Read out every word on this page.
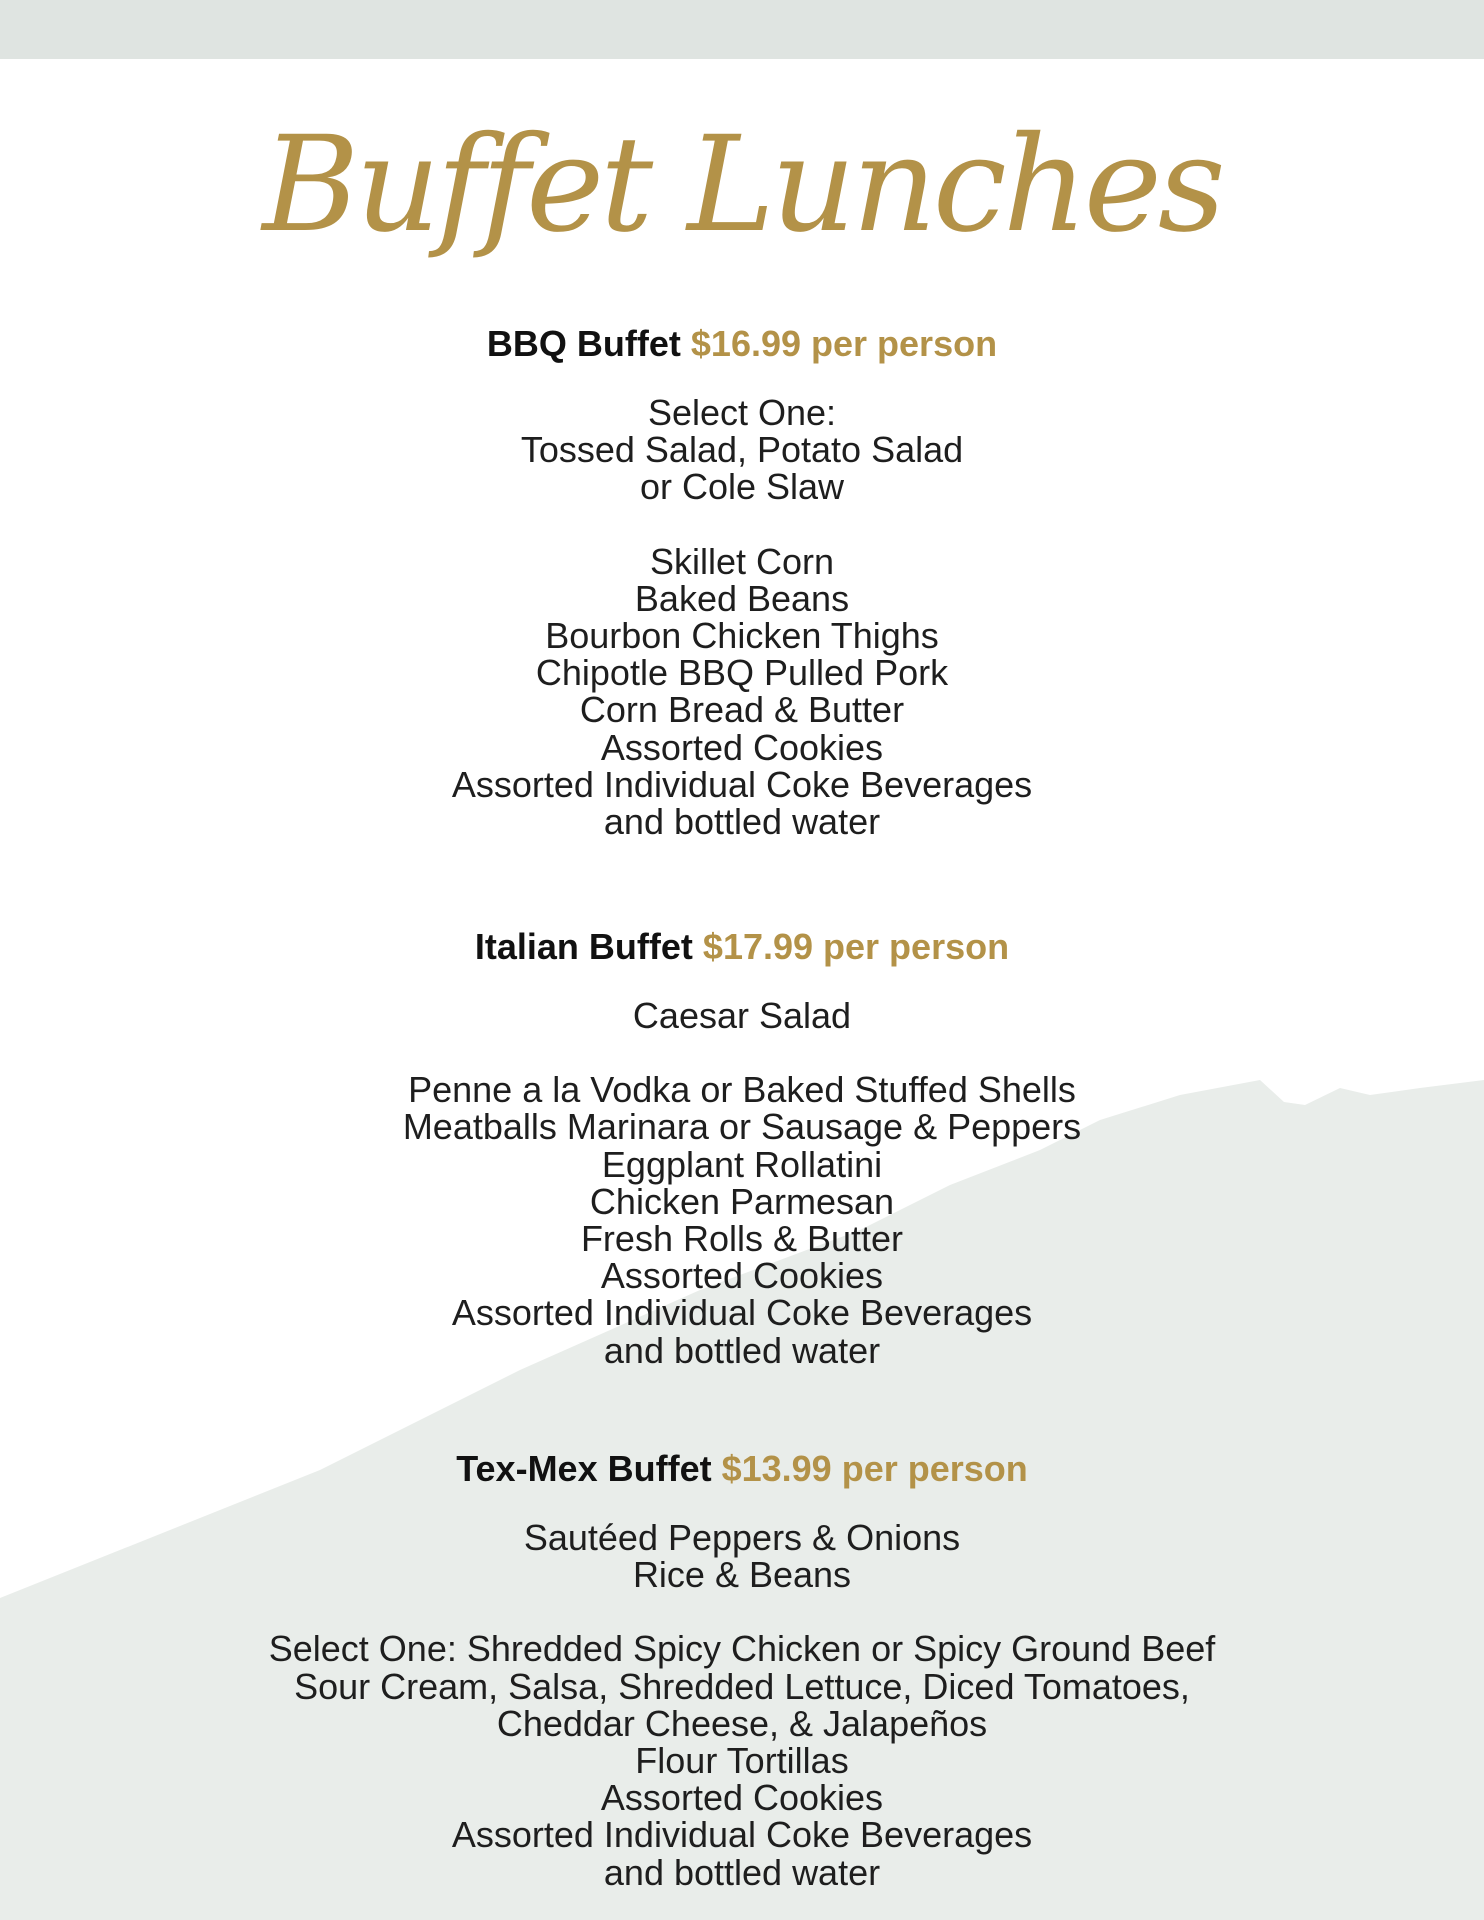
Buffet Lunches

BBQ Buffet $16.99 per person

Select One:

Tossed Salad, Potato Salad

or Cole Slaw

Skillet Corn

Baked Beans

Bourbon Chicken Thighs

Chipotle BBQ Pulled Pork

Corn Bread & Butter

Assorted Cookies

Assorted Individual Coke Beverages

and bottled water

Italian Buffet $17.99 per person

Caesar Salad

Penne a la Vodka or Baked Stuffed Shells

Meatballs Marinara or Sausage & Peppers

Eggplant Rollatini

Chicken Parmesan

Fresh Rolls & Butter

Assorted Cookies

Assorted Individual Coke Beverages

and bottled water

Tex-Mex Buffet $13.99 per person

Sautéed Peppers & Onions

Rice & Beans

Select One: Shredded Spicy Chicken or Spicy Ground Beef

Sour Cream, Salsa, Shredded Lettuce, Diced Tomatoes,

Cheddar Cheese, & Jalapeños

Flour Tortillas

Assorted Cookies

Assorted Individual Coke Beverages

and bottled water
